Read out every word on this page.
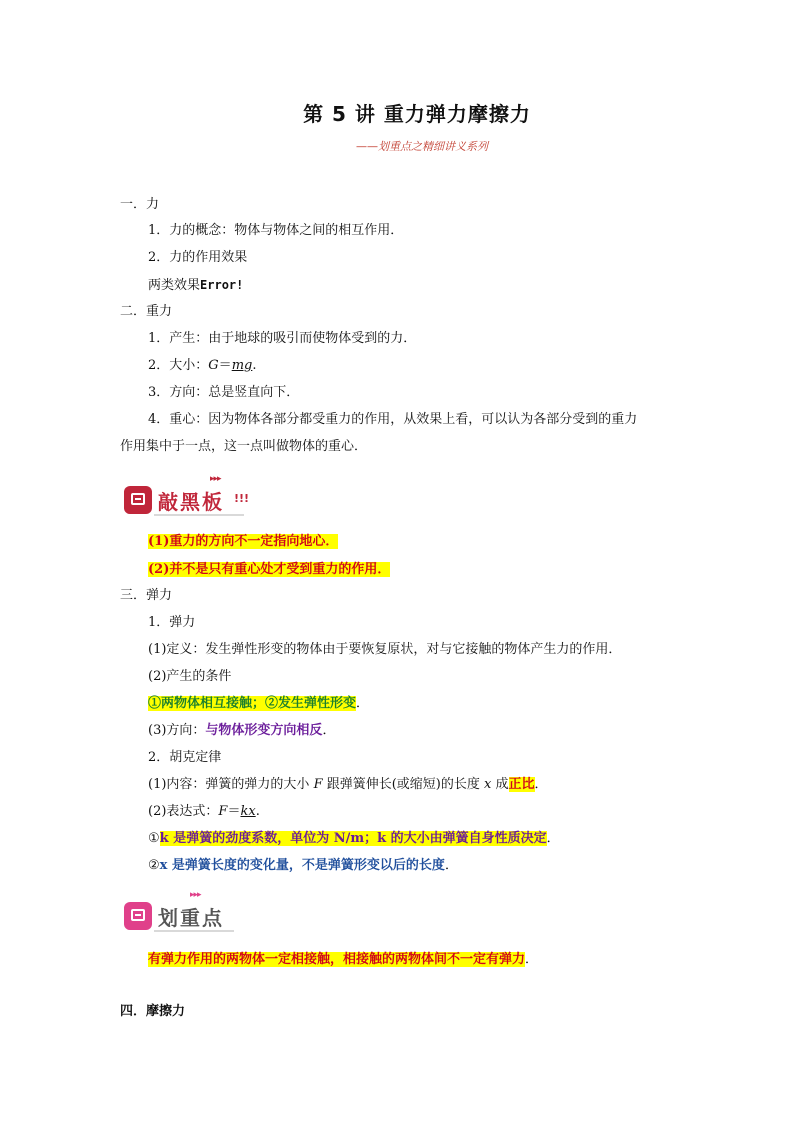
第 5 讲 重力弹力摩擦力
——划重点之精细讲义系列
一．力
1．力的概念：物体与物体之间的相互作用．
2．力的作用效果
两类效果Error!
二．重力
1．产生：由于地球的吸引而使物体受到的力．
2．大小：G＝mg.
3．方向：总是竖直向下．
4．重心：因为物体各部分都受重力的作用，从效果上看，可以认为各部分受到的重力
作用集中于一点，这一点叫做物体的重心．
▸▸▸
敲黑板 !!!
(1)重力的方向不一定指向地心．
(2)并不是只有重心处才受到重力的作用．
三．弹力
1．弹力
(1)定义：发生弹性形变的物体由于要恢复原状，对与它接触的物体产生力的作用．
(2)产生的条件
①两物体相互接触；②发生弹性形变．
(3)方向：与物体形变方向相反．
2．胡克定律
(1)内容：弹簧的弹力的大小 F 跟弹簧伸长(或缩短)的长度 x 成正比．
(2)表达式：F＝kx.
①k 是弹簧的劲度系数，单位为 N/m；k 的大小由弹簧自身性质决定．
②x 是弹簧长度的变化量，不是弹簧形变以后的长度．
▸▸▸
划重点
有弹力作用的两物体一定相接触，相接触的两物体间不一定有弹力．
四．摩擦力
